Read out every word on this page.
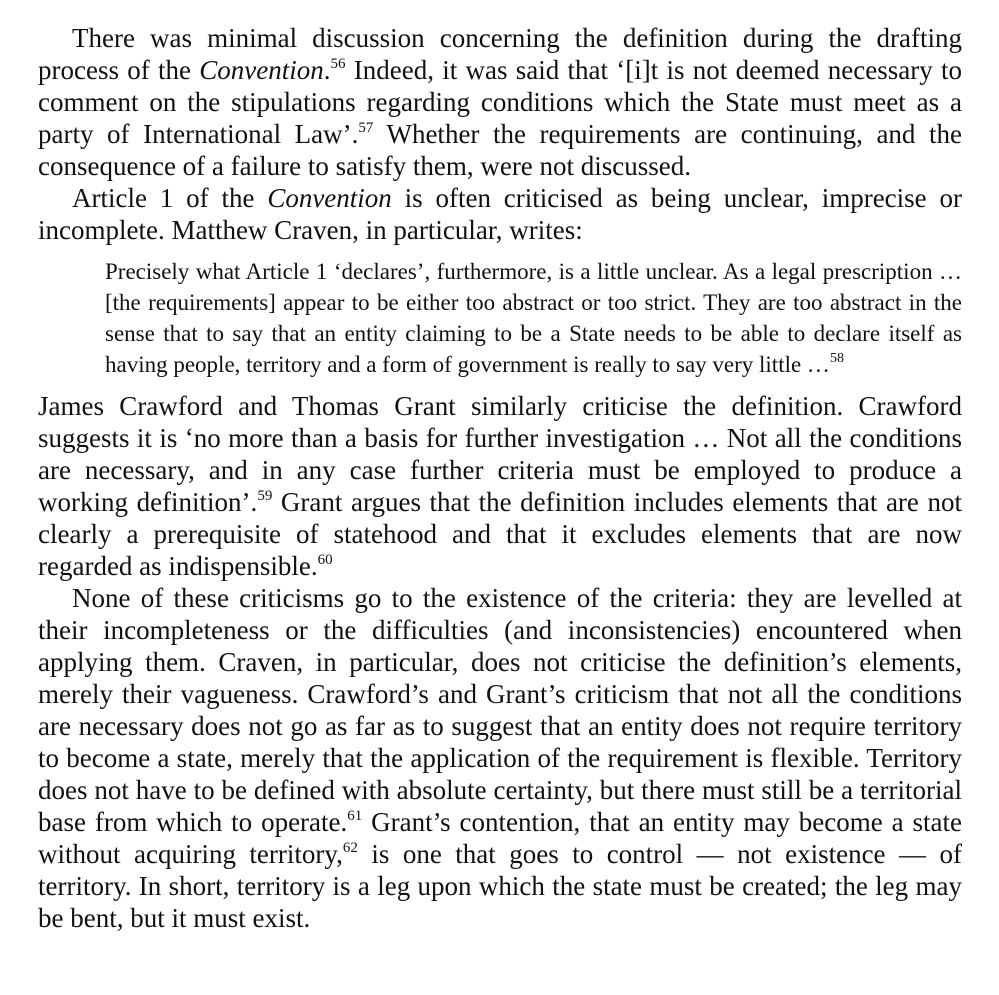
There was minimal discussion concerning the definition during the drafting process of the Convention.$^{56}$ Indeed, it was said that ‘[i]t is not deemed necessary to comment on the stipulations regarding conditions which the State must meet as a party of International Law’.$^{57}$ Whether the requirements are continuing, and the consequence of a failure to satisfy them, were not discussed.

Article 1 of the Convention is often criticised as being unclear, imprecise or incomplete. Matthew Craven, in particular, writes:

Precisely what Article 1 ‘declares’, furthermore, is a little unclear. As a legal prescription … [the requirements] appear to be either too abstract or too strict. They are too abstract in the sense that to say that an entity claiming to be a State needs to be able to declare itself as having people, territory and a form of government is really to say very little …$^{58}$

James Crawford and Thomas Grant similarly criticise the definition. Crawford suggests it is ‘no more than a basis for further investigation … Not all the conditions are necessary, and in any case further criteria must be employed to produce a working definition’.$^{59}$ Grant argues that the definition includes elements that are not clearly a prerequisite of statehood and that it excludes elements that are now regarded as indispensible.$^{60}$

None of these criticisms go to the existence of the criteria: they are levelled at their incompleteness or the difficulties (and inconsistencies) encountered when applying them. Craven, in particular, does not criticise the definition’s elements, merely their vagueness. Crawford’s and Grant’s criticism that not all the conditions are necessary does not go as far as to suggest that an entity does not require territory to become a state, merely that the application of the requirement is flexible. Territory does not have to be defined with absolute certainty, but there must still be a territorial base from which to operate.$^{61}$ Grant’s contention, that an entity may become a state without acquiring territory,$^{62}$ is one that goes to control — not existence — of territory. In short, territory is a leg upon which the state must be created; the leg may be bent, but it must exist.
